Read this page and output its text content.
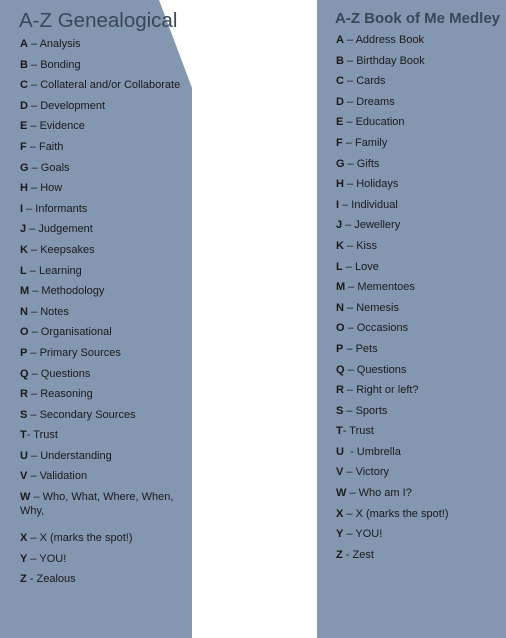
A-Z Genealogical
A – Analysis
B – Bonding
C – Collateral and/or Collaborate
D – Development
E – Evidence
F – Faith
G – Goals
H – How
I – Informants
J – Judgement
K – Keepsakes
L – Learning
M – Methodology
N – Notes
O – Organisational
P – Primary Sources
Q – Questions
R – Reasoning
S – Secondary Sources
T- Trust
U – Understanding
V – Validation
W – Who, What, Where, When, Why,
X – X (marks the spot!)
Y – YOU!
Z - Zealous
A-Z Book of Me Medley
A – Address Book
B – Birthday Book
C – Cards
D – Dreams
E – Education
F – Family
G – Gifts
H – Holidays
I – Individual
J – Jewellery
K – Kiss
L – Love
M – Mementoes
N – Nemesis
O – Occasions
P – Pets
Q – Questions
R – Right or left?
S – Sports
T- Trust
U  - Umbrella
V – Victory
W – Who am I?
X – X (marks the spot!)
Y – YOU!
Z - Zest
